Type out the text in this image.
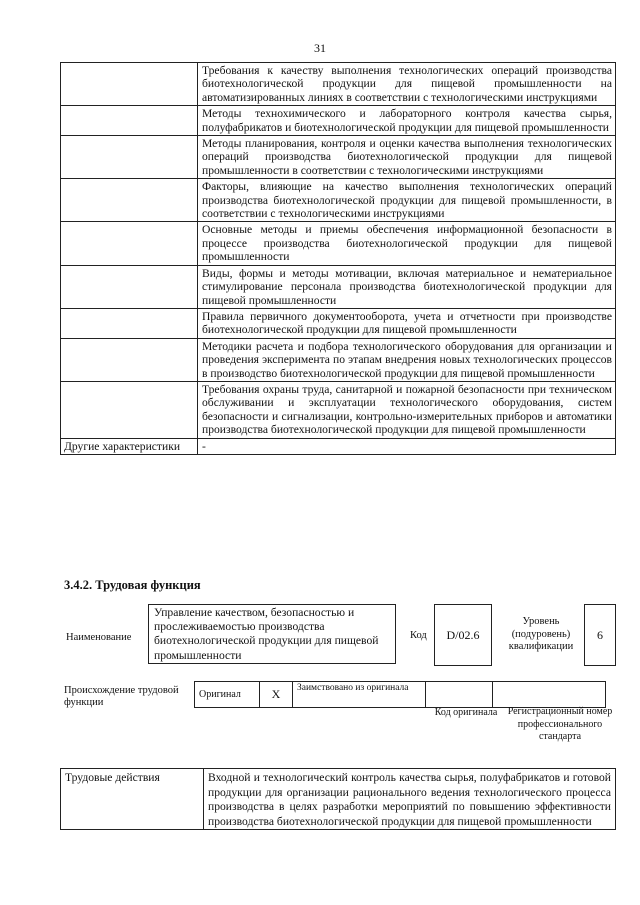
31
	Требования к качеству выполнения технологических операций производства биотехнологической продукции для пищевой промышленности на автоматизированных линиях в соответствии с технологическими инструкциями
	Методы технохимического и лабораторного контроля качества сырья, полуфабрикатов и биотехнологической продукции для пищевой промышленности
	Методы планирования, контроля и оценки качества выполнения технологических операций производства биотехнологической продукции для пищевой промышленности в соответствии с технологическими инструкциями
	Факторы, влияющие на качество выполнения технологических операций производства биотехнологической продукции для пищевой промышленности, в соответствии с технологическими инструкциями
	Основные методы и приемы обеспечения информационной безопасности в процессе производства биотехнологической продукции для пищевой промышленности
	Виды, формы и методы мотивации, включая материальное и нематериальное стимулирование персонала производства биотехнологической продукции для пищевой промышленности
	Правила первичного документооборота, учета и отчетности при производстве биотехнологической продукции для пищевой промышленности
	Методики расчета и подбора технологического оборудования для организации и проведения эксперимента по этапам внедрения новых технологических процессов в производство биотехнологической продукции для пищевой промышленности
	Требования охраны труда, санитарной и пожарной безопасности при техническом обслуживании и эксплуатации технологического оборудования, систем безопасности и сигнализации, контрольно-измерительных приборов и автоматики производства биотехнологической продукции для пищевой промышленности
Другие характеристики	-
3.4.2. Трудовая функция
Наименование
Управление качеством, безопасностью и прослеживаемостью производства биотехнологической продукции для пищевой промышленности
Код	D/02.6
Уровень (подуровень) квалификации
6
Происхождение трудовой функции
Оригинал	X	Заимствовано из оригинала		
Код оригинала Регистрационный номер профессионального стандарта
Трудовые действия	Входной и технологический контроль качества сырья, полуфабрикатов и готовой продукции для организации рационального ведения технологического процесса производства в целях разработки мероприятий по повышению эффективности производства биотехнологической продукции для пищевой промышленности
